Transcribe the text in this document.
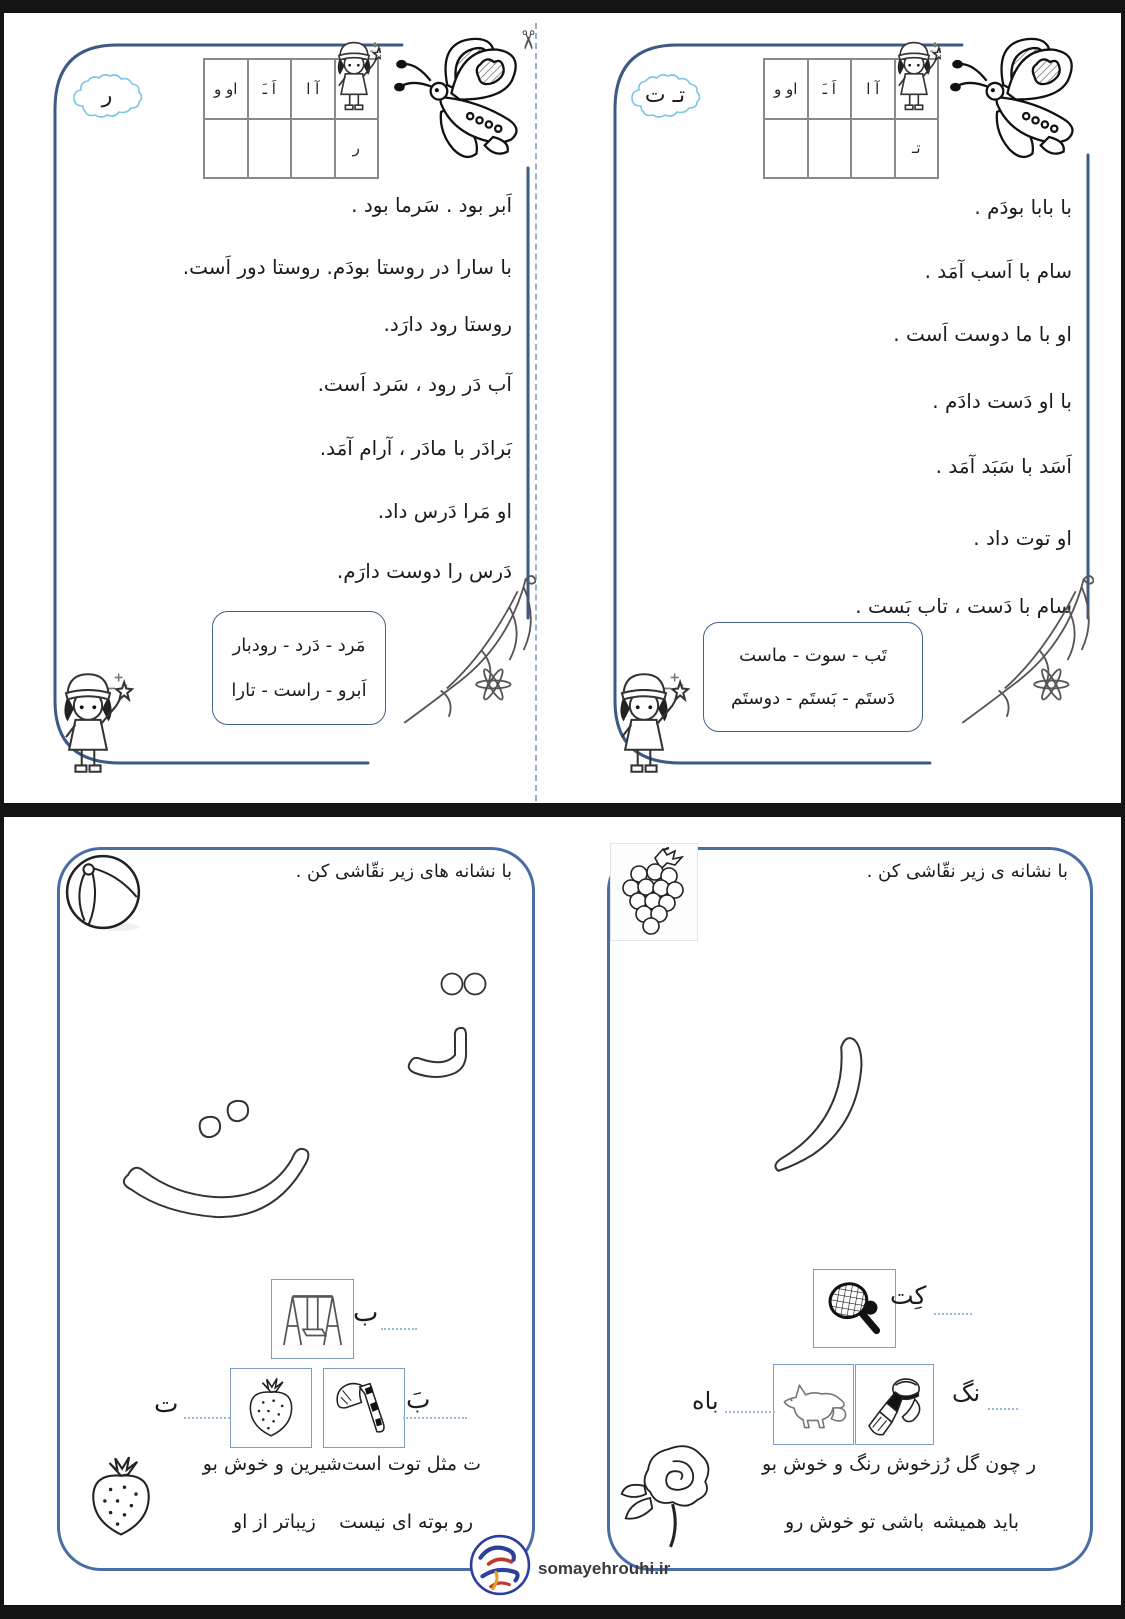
✂
ر	او و	اَ ـَ	آ ا
ر
اَبر بود . سَرما بود .
با سارا در روستا بودَم. روستا دور اَست.
روستا رود دارَد.
آب دَر رود ، سَرد اَست.
بَرادَر با مادَر ، آرام آمَد.
او مَرا دَرس داد.
دَرس را دوست دارَم.
مَرد - دَرد - رودبار
اَبرو - راست - تارا
تـ ت	او و	اَ ـَ	آ ا
تـ
با بابا بودَم .
سام با اَسب آمَد .
او با ما دوست اَست .
با او دَست دادَم .
اَسَد با سَبَد آمَد .
او توت داد .
سام با دَست ، تاب بَست .
تَب - سوت - ماست
دَستَم - بَستَم - دوستَم
با نشانه های زیر نقّاشی کن .
ب
ت	بَ
ت مثل توت است
شیرین و خوش بو
رو بوته ای نیست
زیباتر از او
با نشانه ی زیر نقّاشی کن .
کِت
باه	نگ
ر چون گل رُز
خوش رنگ و خوش بو
باید همیشه
باشی تو خوش رو
somayehrouhi.ir
